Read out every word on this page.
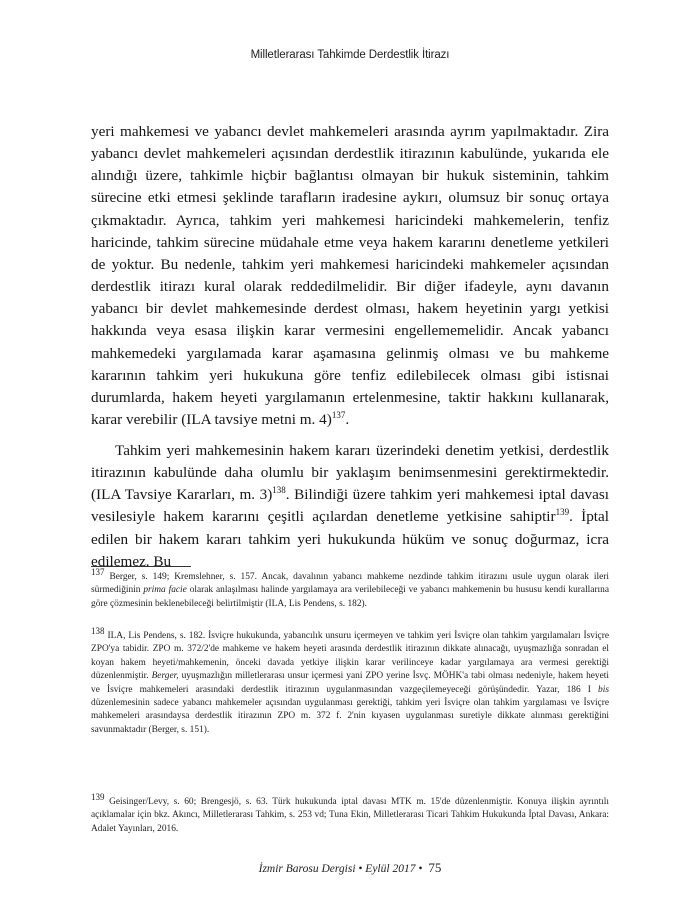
Milletlerarası Tahkimde Derdestlik İtirazı

yeri mahkemesi ve yabancı devlet mahkemeleri arasında ayrım yapılmaktadır. Zira yabancı devlet mahkemeleri açısından derdestlik itirazının kabulünde, yukarıda ele alındığı üzere, tahkimle hiçbir bağlantısı olmayan bir hukuk sisteminin, tahkim sürecine etki etmesi şeklinde tarafların iradesine aykırı, olumsuz bir sonuç ortaya çıkmaktadır. Ayrıca, tahkim yeri mahkemesi haricindeki mahkemelerin, tenfiz haricinde, tahkim sürecine müdahale etme veya hakem kararını denetleme yetkileri de yoktur. Bu nedenle, tahkim yeri mahkemesi haricindeki mahkemeler açısından derdestlik itirazı kural olarak reddedilmelidir. Bir diğer ifadeyle, aynı davanın yabancı bir devlet mahkemesinde derdest olması, hakem heyetinin yargı yetkisi hakkında veya esasa ilişkin karar vermesini engellememelidir. Ancak yabancı mahkemedeki yargılamada karar aşamasına gelinmiş olması ve bu mahkeme kararının tahkim yeri hukukuna göre tenfiz edilebilecek olması gibi istisnai durumlarda, hakem heyeti yargılamanın ertelenmesine, taktir hakkını kullanarak, karar verebilir (ILA tavsiye metni m. 4)$^{137}$.

Tahkim yeri mahkemesinin hakem kararı üzerindeki denetim yetkisi, derdestlik itirazının kabulünde daha olumlu bir yaklaşım benimsenmesini gerektirmektedir. (ILA Tavsiye Kararları, m. 3)$^{138}$. Bilindiği üzere tahkim yeri mahkemesi iptal davası vesilesiyle hakem kararını çeşitli açılardan denetleme yetkisine sahiptir$^{139}$. İptal edilen bir hakem kararı tahkim yeri hukukunda hüküm ve sonuç doğurmaz, icra edilemez. Bu

$^{137}$ Berger, s. 149; Kremslehner, s. 157. Ancak, davalının yabancı mahkeme nezdinde tahkim itirazını usule uygun olarak ileri sürmediğinin prima facie olarak anlaşılması halinde yargılamaya ara verilebileceği ve yabancı mahkemenin bu hususu kendi kurallarına göre çözmesinin beklenebileceği belirtilmiştir (ILA, Lis Pendens, s. 182).

$^{138}$ ILA, Lis Pendens, s. 182. İsviçre hukukunda, yabancılık unsuru içermeyen ve tahkim yeri İsviçre olan tahkim yargılamaları İsviçre ZPO'ya tabidir. ZPO m. 372/2'de mahkeme ve hakem heyeti arasında derdestlik itirazının dikkate alınacağı, uyuşmazlığa sonradan el koyan hakem heyeti/mahkemenin, önceki davada yetkiye ilişkin karar verilinceye kadar yargılamaya ara vermesi gerektiği düzenlenmiştir. Berger, uyuşmazlığın milletlerarası unsur içermesi yani ZPO yerine İsvç. MÖHK'a tabi olması nedeniyle, hakem heyeti ve İsviçre mahkemeleri arasındaki derdestlik itirazının uygulanmasından vazgeçilemeyeceği görüşündedir. Yazar, 186 I bis düzenlemesinin sadece yabancı mahkemeler açısından uygulanması gerektiği, tahkim yeri İsviçre olan tahkim yargılaması ve İsviçre mahkemeleri arasındaysa derdestlik itirazının ZPO m. 372 f. 2'nin kıyasen uygulanması suretiyle dikkate alınması gerektiğini savunmaktadır (Berger, s. 151).

$^{139}$ Geisinger/Levy, s. 60; Brengesjö, s. 63. Türk hukukunda iptal davası MTK m. 15'de düzenlenmiştir. Konuya ilişkin ayrıntılı açıklamalar için bkz. Akıncı, Milletlerarası Tahkim, s. 253 vd; Tuna Ekin, Milletlerarası Ticari Tahkim Hukukunda İptal Davası, Ankara: Adalet Yayınları, 2016.

İzmir Barosu Dergisi • Eylül 2017 • 75
